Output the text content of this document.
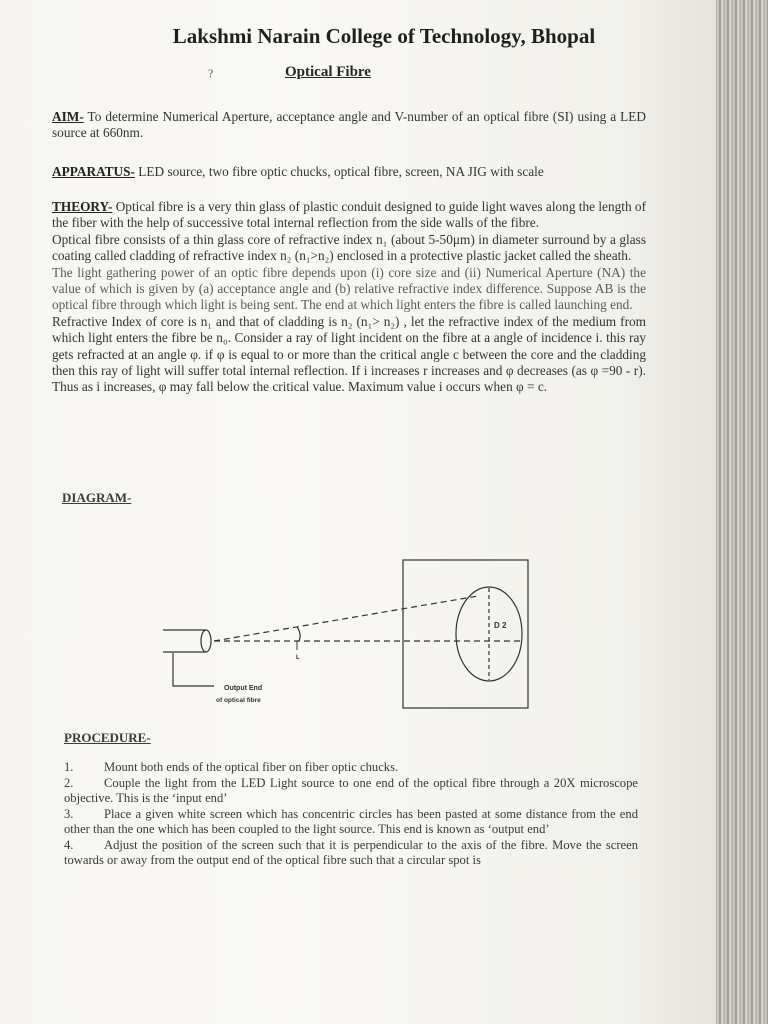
Lakshmi Narain College of Technology, Bhopal
?	Optical Fibre
AIM- To determine Numerical Aperture, acceptance angle and V-number of an optical fibre (SI) using a LED source at 660nm.
APPARATUS- LED source, two fibre optic chucks, optical fibre, screen, NA JIG with scale
THEORY- Optical fibre is a very thin glass of plastic conduit designed to guide light waves along the length of the fiber with the help of successive total internal reflection from the side walls of the fibre.
Optical fibre consists of a thin glass core of refractive index n₁ (about 5-50μm) in diameter surround by a glass coating called cladding of refractive index n₂ (n₁>n₂) enclosed in a protective plastic jacket called the sheath.
The light gathering power of an optic fibre depends upon (i) core size and (ii) Numerical Aperture (NA) the value of which is given by (a) acceptance angle and (b) relative refractive index difference. Suppose AB is the optical fibre through which light is being sent. The end at which light enters the fibre is called launching end.
Refractive Index of core is n₁ and that of cladding is n₂ (n₁> n₂) , let the refractive index of the medium from which light enters the fibre be n₀. Consider a ray of light incident on the fibre at a angle of incidence i. this ray gets refracted at an angle φ. if φ is equal to or more than the critical angle c between the core and the cladding then this ray of light will suffer total internal reflection. If i increases r increases and φ decreases (as φ =90 - r). Thus as i increases, φ may fall below the critical value. Maximum value i occurs when φ = c.
DIAGRAM-
D 2
L
Output End
of optical fibre
PROCEDURE-
1. Mount both ends of the optical fiber on fiber optic chucks.
2. Couple the light from the LED Light source to one end of the optical fibre through a 20X microscope objective. This is the ‘input end’
3. Place a given white screen which has concentric circles has been pasted at some distance from the end other than the one which has been coupled to the light source. This end is known as ‘output end’
4. Adjust the position of the screen such that it is perpendicular to the axis of the fibre. Move the screen towards or away from the output end of the optical fibre such that a circular spot is
